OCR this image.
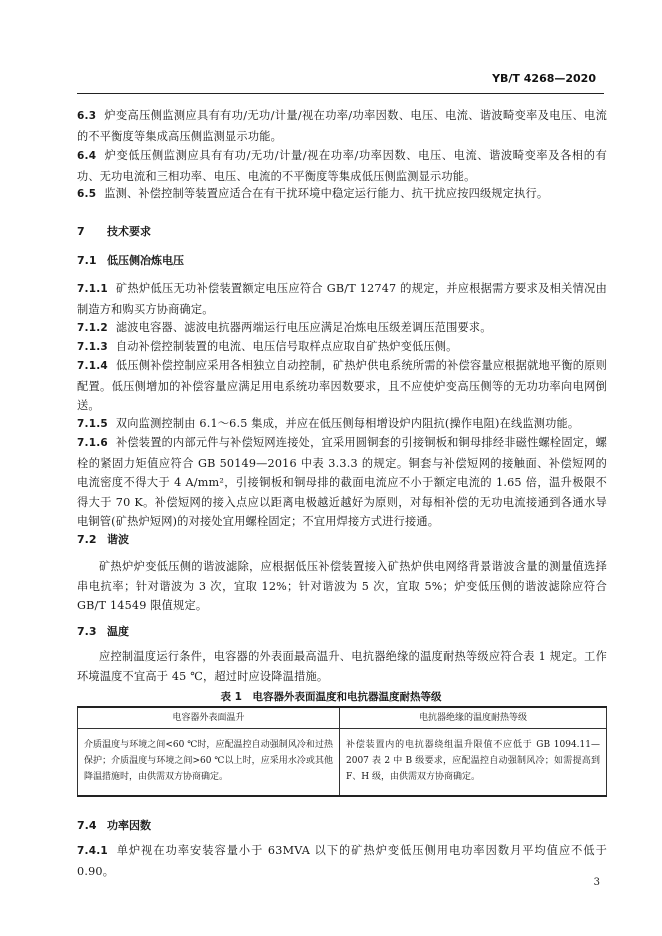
YB/T 4268—2020
6.3 炉变高压侧监测应具有有功/无功/计量/视在功率/功率因数、电压、电流、谐波畸变率及电压、电流的不平衡度等集成高压侧监测显示功能。
6.4 炉变低压侧监测应具有有功/无功/计量/视在功率/功率因数、电压、电流、谐波畸变率及各相的有功、无功电流和三相功率、电压、电流的不平衡度等集成低压侧监测显示功能。
6.5 监测、补偿控制等装置应适合在有干扰环境中稳定运行能力、抗干扰应按四级规定执行。
7 技术要求
7.1 低压侧冶炼电压
7.1.1 矿热炉低压无功补偿装置额定电压应符合 GB/T 12747 的规定，并应根据需方要求及相关情况由制造方和购买方协商确定。
7.1.2 滤波电容器、滤波电抗器两端运行电压应满足冶炼电压级差调压范围要求。
7.1.3 自动补偿控制装置的电流、电压信号取样点应取自矿热炉变低压侧。
7.1.4 低压侧补偿控制应采用各相独立自动控制，矿热炉供电系统所需的补偿容量应根据就地平衡的原则配置。低压侧增加的补偿容量应满足用电系统功率因数要求，且不应使炉变高压侧等的无功功率向电网倒送。
7.1.5 双向监测控制由 6.1～6.5 集成，并应在低压侧每相增设炉内阻抗(操作电阻)在线监测功能。
7.1.6 补偿装置的内部元件与补偿短网连接处，宜采用圆铜套的引接铜板和铜母排经非磁性螺栓固定，螺栓的紧固力矩值应符合 GB 50149—2016 中表 3.3.3 的规定。铜套与补偿短网的接触面、补偿短网的电流密度不得大于 4 A/mm²，引接铜板和铜母排的截面电流应不小于额定电流的 1.65 倍，温升极限不得大于 70 K。补偿短网的接入点应以距离电极越近越好为原则，对每相补偿的无功电流接通到各通水导电铜管(矿热炉短网)的对接处宜用螺栓固定；不宜用焊接方式进行接通。
7.2 谐波
矿热炉炉变低压侧的谐波滤除，应根据低压补偿装置接入矿热炉供电网络背景谐波含量的测量值选择串电抗率；针对谐波为 3 次，宜取 12%；针对谐波为 5 次，宜取 5%；炉变低压侧的谐波滤除应符合 GB/T 14549 限值规定。
7.3 温度
应控制温度运行条件，电容器的外表面最高温升、电抗器绝缘的温度耐热等级应符合表 1 规定。工作环境温度不宜高于 45 ℃，超过时应设降温措施。
表 1　电容器外表面温度和电抗器温度耐热等级
电容器外表面温升	电抗器绝缘的温度耐热等级
介质温度与环境之间<60 ℃时，应配温控自动强制风冷和过热保护；介质温度与环境之间>60 ℃以上时，应采用水冷或其他降温措施时，由供需双方协商确定。	补偿装置内的电抗器绕组温升限值不应低于 GB 1094.11—2007 表 2 中 B 级要求，应配温控自动强制风冷；如需提高到 F、H 级，由供需双方协商确定。
7.4 功率因数
7.4.1 单炉视在功率安装容量小于 63MVA 以下的矿热炉变低压侧用电功率因数月平均值应不低于 0.90。
3
